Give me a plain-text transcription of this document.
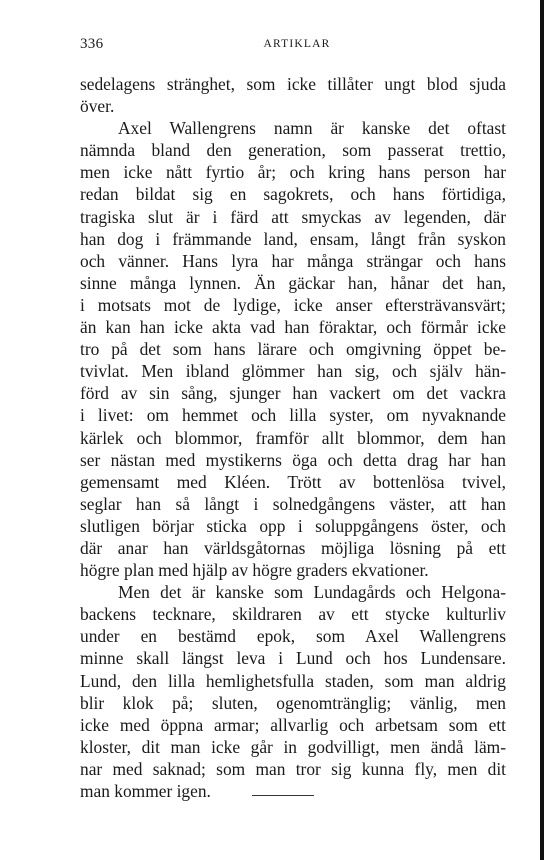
336	ARTIKLAR

sedelagens stränghet, som icke tillåter ungt blod sjuda
över.

Axel Wallengrens namn är kanske det oftast
nämnda bland den generation, som passerat trettio,
men icke nått fyrtio år; och kring hans person har
redan bildat sig en sagokrets, och hans förtidiga,
tragiska slut är i färd att smyckas av legenden, där
han dog i främmande land, ensam, långt från syskon
och vänner. Hans lyra har många strängar och hans
sinne många lynnen. Än gäckar han, hånar det han,
i motsats mot de lydige, icke anser eftersträvansvärt;
än kan han icke akta vad han föraktar, och förmår icke
tro på det som hans lärare och omgivning öppet be-
tvivlat. Men ibland glömmer han sig, och själv hän-
förd av sin sång, sjunger han vackert om det vackra
i livet: om hemmet och lilla syster, om nyvaknande
kärlek och blommor, framför allt blommor, dem han
ser nästan med mystikerns öga och detta drag har han
gemensamt med Kléen. Trött av bottenlösa tvivel,
seglar han så långt i solnedgångens väster, att han
slutligen börjar sticka opp i soluppgångens öster, och
där anar han världsgåtornas möjliga lösning på ett
högre plan med hjälp av högre graders ekvationer.

Men det är kanske som Lundagårds och Helgona-
backens tecknare, skildraren av ett stycke kulturliv
under en bestämd epok, som Axel Wallengrens
minne skall längst leva i Lund och hos Lundensare.
Lund, den lilla hemlighetsfulla staden, som man aldrig
blir klok på; sluten, ogenomtränglig; vänlig, men
icke med öppna armar; allvarlig och arbetsam som ett
kloster, dit man icke går in godvilligt, men ändå läm-
nar med saknad; som man tror sig kunna fly, men dit
man kommer igen.
